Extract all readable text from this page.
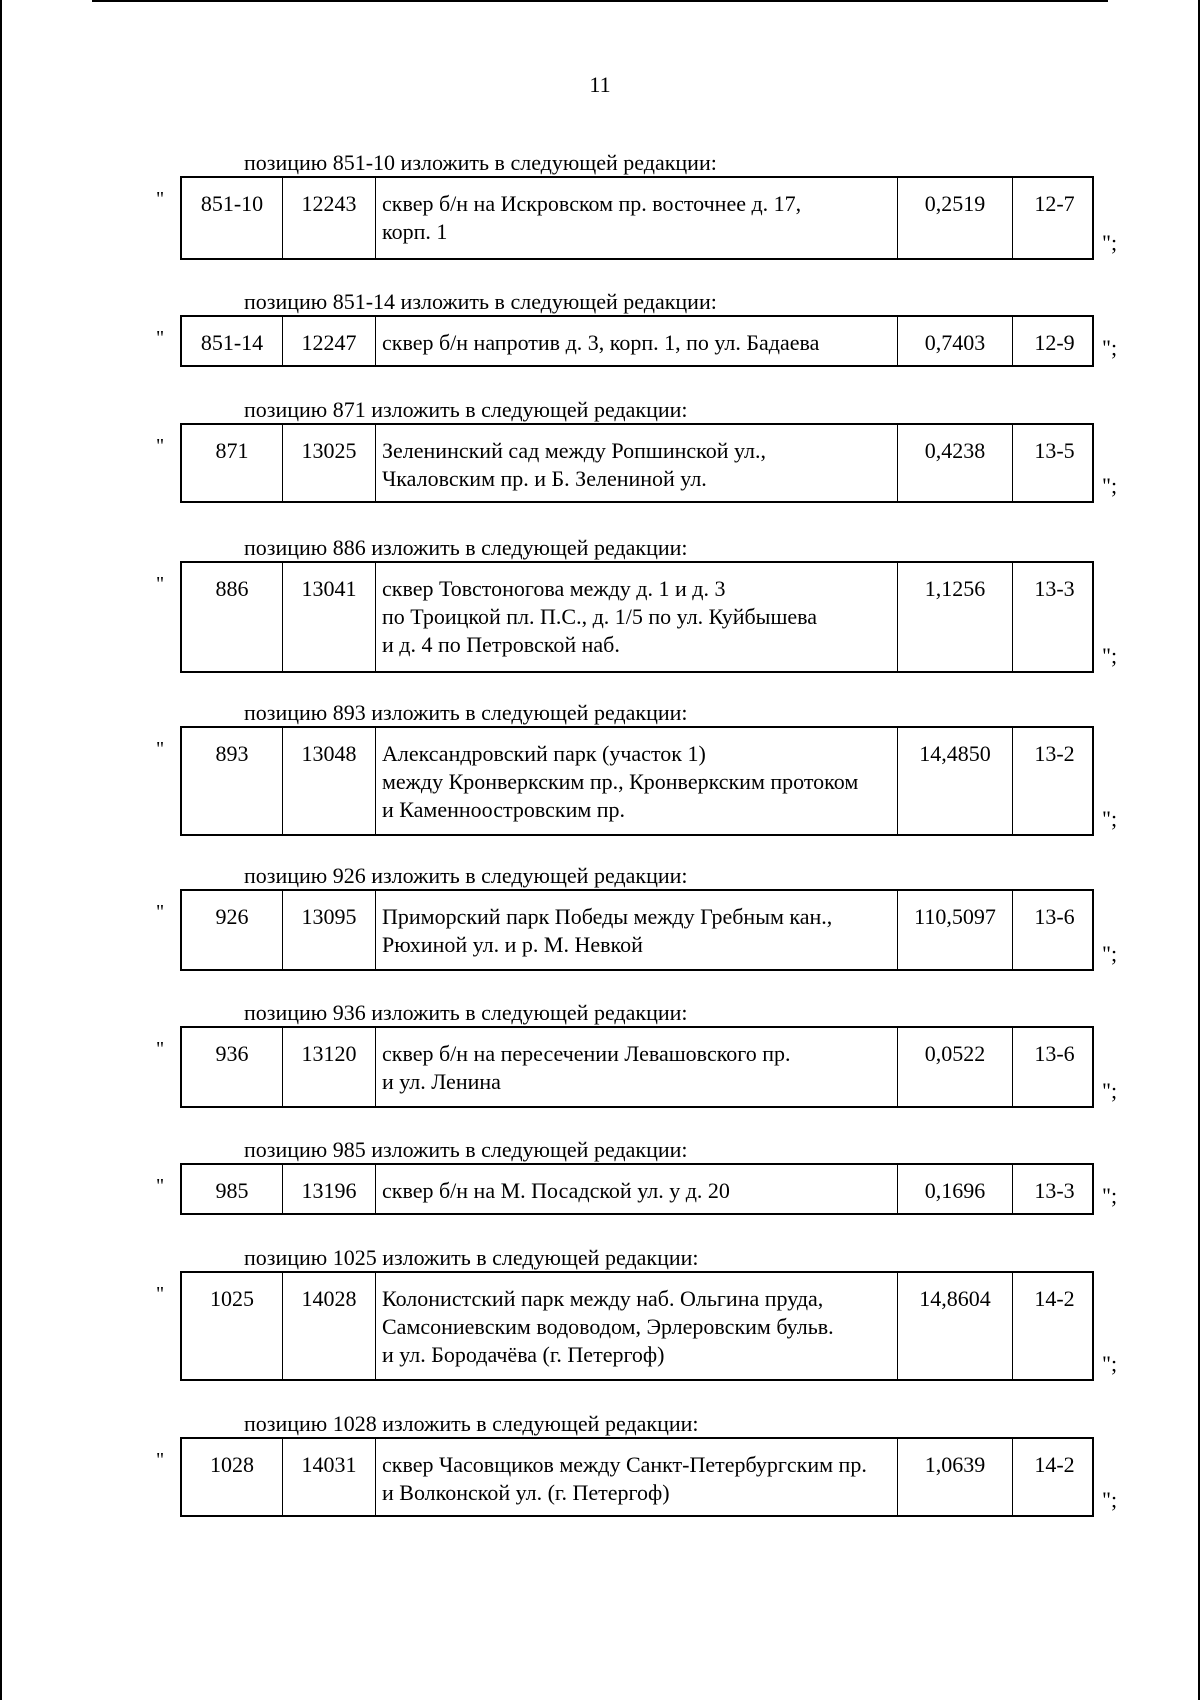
11
позицию 851-10 изложить в следующей редакции:
"	851-10	12243	сквер б/н на Искровском пр. восточнее д. 17,
корп. 1
0,2519	12-7
";
позицию 851-14 изложить в следующей редакции:
"	851-14	12247	сквер б/н напротив д. 3, корп. 1, по ул. Бадаева	0,7403	12-9	";
позицию 871 изложить в следующей редакции:
"	871	13025	Зеленинский сад между Ропшинской ул.,
Чкаловским пр. и Б. Зелениной ул.
0,4238	13-5
";
позицию 886 изложить в следующей редакции:
"	886	13041	сквер Товстоногова между д. 1 и д. 3
по Троицкой пл. П.С., д. 1/5 по ул. Куйбышева
и д. 4 по Петровской наб.
1,1256	13-3
";
позицию 893 изложить в следующей редакции:
"	893	13048	Александровский парк (участок 1)
между Кронверкским пр., Кронверкским протоком
и Каменноостровским пр.
14,4850	13-2
";
позицию 926 изложить в следующей редакции:
"	926	13095	Приморский парк Победы между Гребным кан.,
Рюхиной ул. и р. М. Невкой
110,5097	13-6
";
позицию 936 изложить в следующей редакции:
"	936	13120	сквер б/н на пересечении Левашовского пр.
и ул. Ленина
0,0522	13-6
";
позицию 985 изложить в следующей редакции:
"	985	13196	сквер б/н на М. Посадской ул. у д. 20	0,1696	13-3	";
позицию 1025 изложить в следующей редакции:
"	1025	14028	Колонистский парк между наб. Ольгина пруда,
Самсониевским водоводом, Эрлеровским бульв.
и ул. Бородачёва (г. Петергоф)
14,8604	14-2
";
позицию 1028 изложить в следующей редакции:
"	1028	14031	сквер Часовщиков между Санкт-Петербургским пр.
и Волконской ул. (г. Петергоф)
1,0639	14-2
";
